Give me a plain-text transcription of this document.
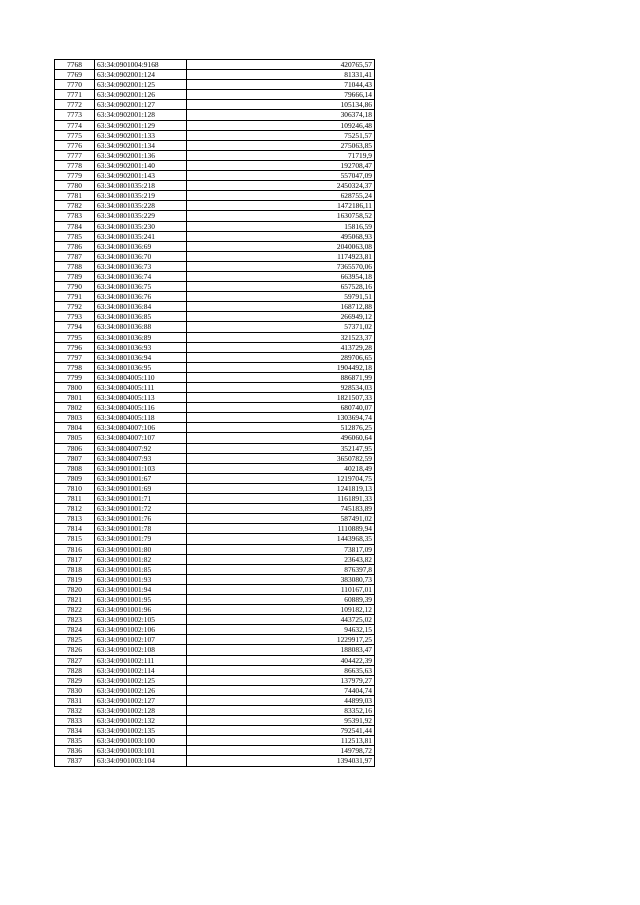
7768	63:34:0901004:9168	420765,57
7769	63:34:0902001:124	81331,41
7770	63:34:0902001:125	71044,43
7771	63:34:0902001:126	79666,14
7772	63:34:0902001:127	105134,86
7773	63:34:0902001:128	306374,18
7774	63:34:0902001:129	109246,48
7775	63:34:0902001:133	75251,57
7776	63:34:0902001:134	275063,85
7777	63:34:0902001:136	71719,9
7778	63:34:0902001:140	192708,47
7779	63:34:0902001:143	557047,09
7780	63:34:0801035:218	2450324,37
7781	63:34:0801035:219	628755,24
7782	63:34:0801035:228	1472186,11
7783	63:34:0801035:229	1630758,52
7784	63:34:0801035:230	15816,59
7785	63:34:0801035:241	495068,93
7786	63:34:0801036:69	2040063,08
7787	63:34:0801036:70	1174923,81
7788	63:34:0801036:73	7365570,06
7789	63:34:0801036:74	663954,18
7790	63:34:0801036:75	657528,16
7791	63:34:0801036:76	59791,51
7792	63:34:0801036:84	168712,88
7793	63:34:0801036:85	266949,12
7794	63:34:0801036:88	57371,02
7795	63:34:0801036:89	321523,37
7796	63:34:0801036:93	413729,28
7797	63:34:0801036:94	289706,65
7798	63:34:0801036:95	1904492,18
7799	63:34:0804005:110	886871,99
7800	63:34:0804005:111	928534,03
7801	63:34:0804005:113	1821507,33
7802	63:34:0804005:116	680740,07
7803	63:34:0804005:118	1303694,74
7804	63:34:0804007:106	512876,25
7805	63:34:0804007:107	496060,64
7806	63:34:0804007:92	352147,95
7807	63:34:0804007:93	3650782,59
7808	63:34:0901001:103	40218,49
7809	63:34:0901001:67	1219704,75
7810	63:34:0901001:69	1241819,13
7811	63:34:0901001:71	1161891,33
7812	63:34:0901001:72	745183,89
7813	63:34:0901001:76	587491,02
7814	63:34:0901001:78	1110889,94
7815	63:34:0901001:79	1443968,35
7816	63:34:0901001:80	73817,09
7817	63:34:0901001:82	23643,82
7818	63:34:0901001:85	876397,8
7819	63:34:0901001:93	383080,73
7820	63:34:0901001:94	110167,01
7821	63:34:0901001:95	60889,39
7822	63:34:0901001:96	109182,12
7823	63:34:0901002:105	443725,02
7824	63:34:0901002:106	94632,15
7825	63:34:0901002:107	1229917,25
7826	63:34:0901002:108	188083,47
7827	63:34:0901002:111	404422,39
7828	63:34:0901002:114	86635,63
7829	63:34:0901002:125	137979,27
7830	63:34:0901002:126	74404,74
7831	63:34:0901002:127	44899,03
7832	63:34:0901002:128	83352,16
7833	63:34:0901002:132	95391,92
7834	63:34:0901002:135	792541,44
7835	63:34:0901003:100	112513,81
7836	63:34:0901003:101	149798,72
7837	63:34:0901003:104	1394031,97
